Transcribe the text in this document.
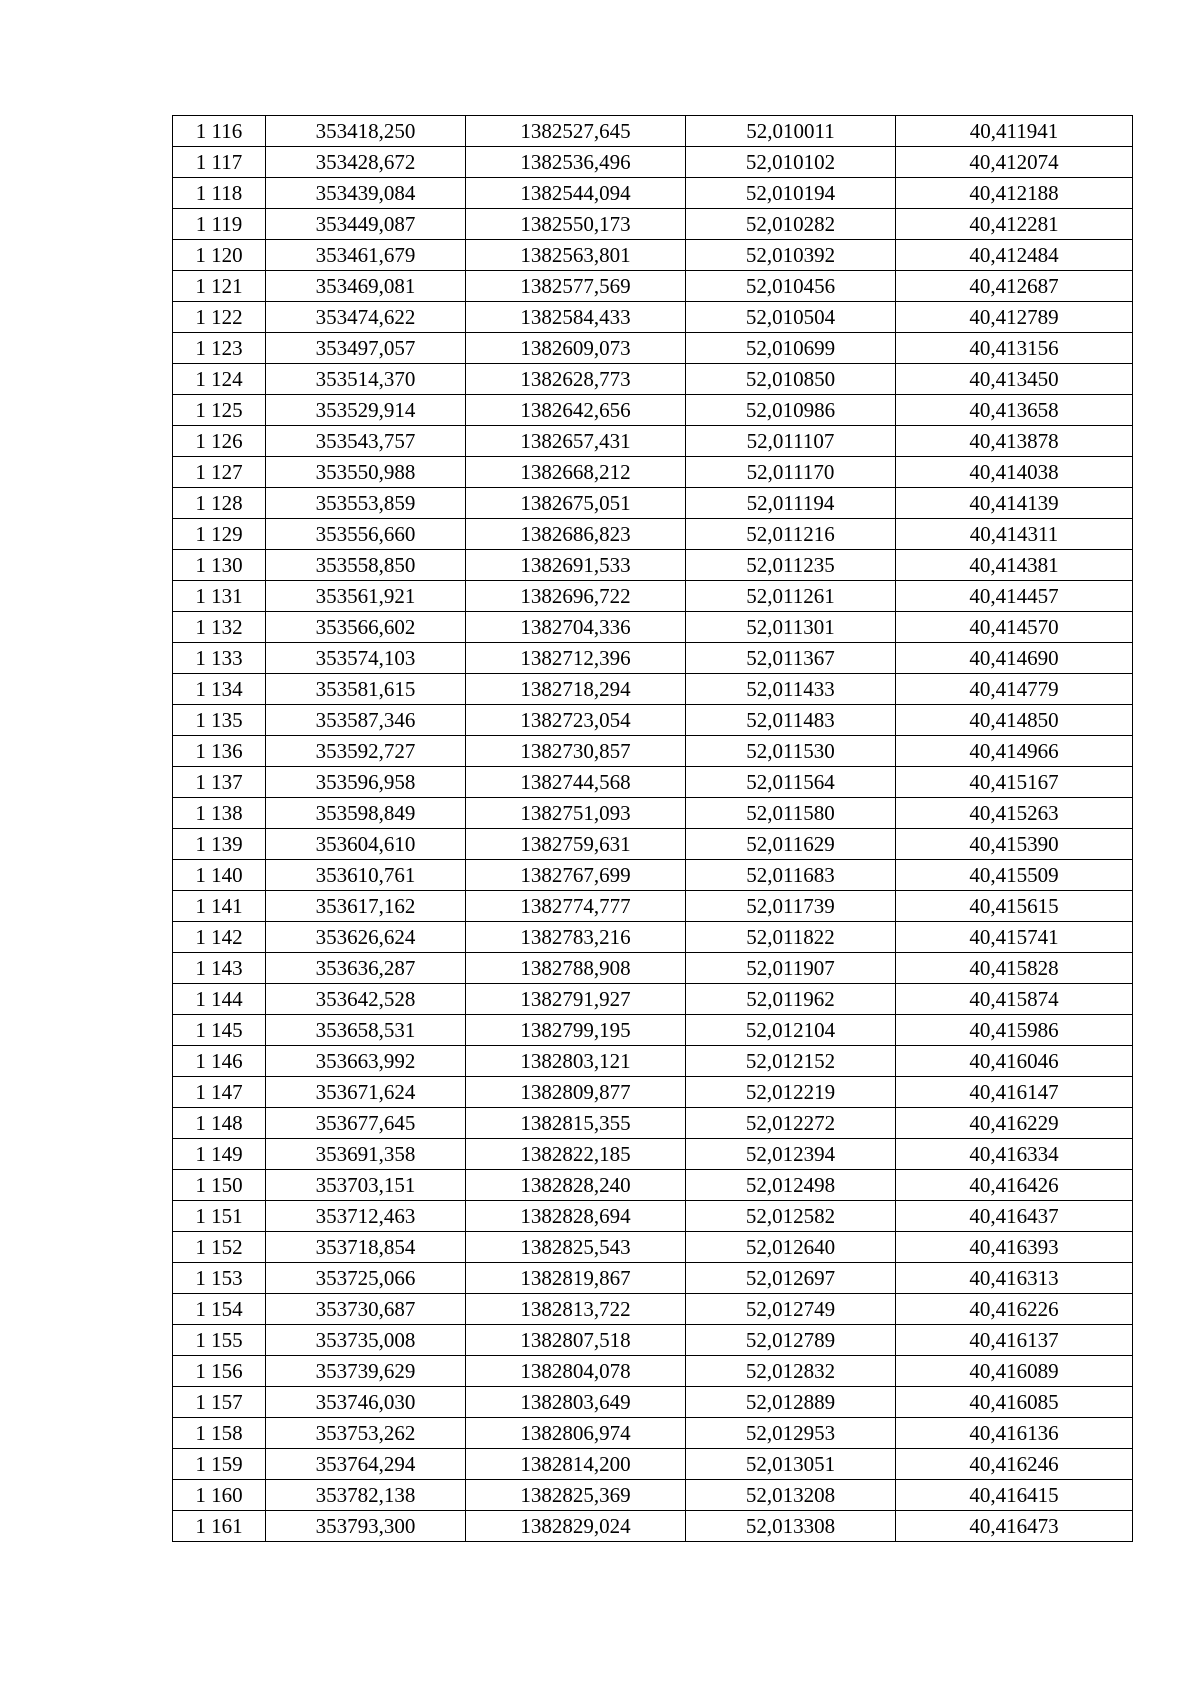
1 116	353418,250	1382527,645	52,010011	40,411941
1 117	353428,672	1382536,496	52,010102	40,412074
1 118	353439,084	1382544,094	52,010194	40,412188
1 119	353449,087	1382550,173	52,010282	40,412281
1 120	353461,679	1382563,801	52,010392	40,412484
1 121	353469,081	1382577,569	52,010456	40,412687
1 122	353474,622	1382584,433	52,010504	40,412789
1 123	353497,057	1382609,073	52,010699	40,413156
1 124	353514,370	1382628,773	52,010850	40,413450
1 125	353529,914	1382642,656	52,010986	40,413658
1 126	353543,757	1382657,431	52,011107	40,413878
1 127	353550,988	1382668,212	52,011170	40,414038
1 128	353553,859	1382675,051	52,011194	40,414139
1 129	353556,660	1382686,823	52,011216	40,414311
1 130	353558,850	1382691,533	52,011235	40,414381
1 131	353561,921	1382696,722	52,011261	40,414457
1 132	353566,602	1382704,336	52,011301	40,414570
1 133	353574,103	1382712,396	52,011367	40,414690
1 134	353581,615	1382718,294	52,011433	40,414779
1 135	353587,346	1382723,054	52,011483	40,414850
1 136	353592,727	1382730,857	52,011530	40,414966
1 137	353596,958	1382744,568	52,011564	40,415167
1 138	353598,849	1382751,093	52,011580	40,415263
1 139	353604,610	1382759,631	52,011629	40,415390
1 140	353610,761	1382767,699	52,011683	40,415509
1 141	353617,162	1382774,777	52,011739	40,415615
1 142	353626,624	1382783,216	52,011822	40,415741
1 143	353636,287	1382788,908	52,011907	40,415828
1 144	353642,528	1382791,927	52,011962	40,415874
1 145	353658,531	1382799,195	52,012104	40,415986
1 146	353663,992	1382803,121	52,012152	40,416046
1 147	353671,624	1382809,877	52,012219	40,416147
1 148	353677,645	1382815,355	52,012272	40,416229
1 149	353691,358	1382822,185	52,012394	40,416334
1 150	353703,151	1382828,240	52,012498	40,416426
1 151	353712,463	1382828,694	52,012582	40,416437
1 152	353718,854	1382825,543	52,012640	40,416393
1 153	353725,066	1382819,867	52,012697	40,416313
1 154	353730,687	1382813,722	52,012749	40,416226
1 155	353735,008	1382807,518	52,012789	40,416137
1 156	353739,629	1382804,078	52,012832	40,416089
1 157	353746,030	1382803,649	52,012889	40,416085
1 158	353753,262	1382806,974	52,012953	40,416136
1 159	353764,294	1382814,200	52,013051	40,416246
1 160	353782,138	1382825,369	52,013208	40,416415
1 161	353793,300	1382829,024	52,013308	40,416473
